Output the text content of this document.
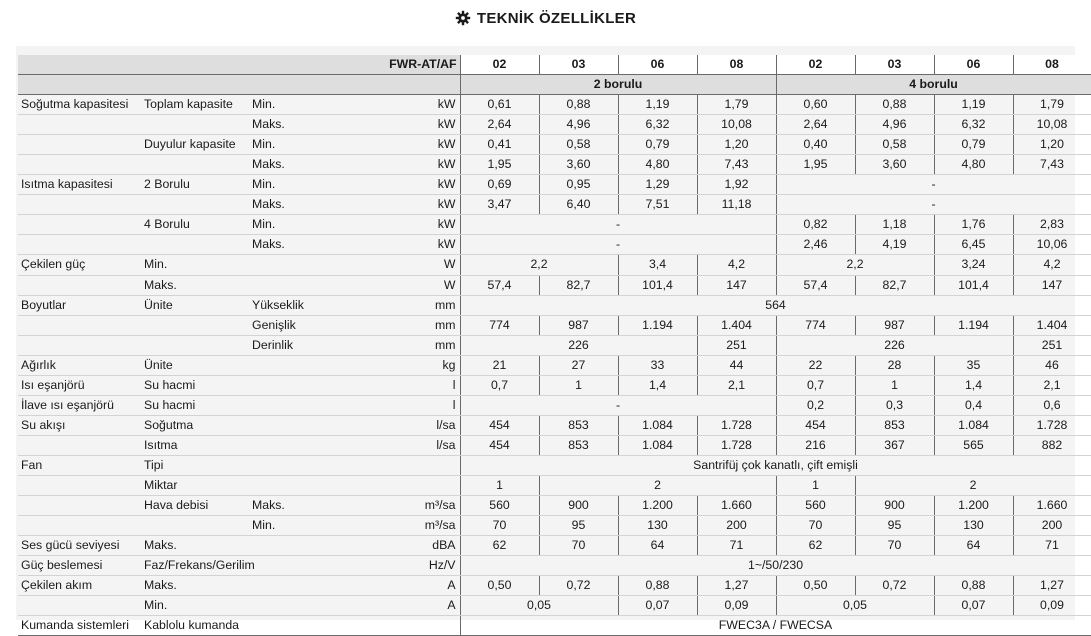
TEKNİK ÖZELLİKLER
FWR-AT/AF				02	03	06	08	02	03	06	08
				2 borulu				4 borulu			
Soğutma kapasitesi	Toplam kapasite	Min.	kW	0,61	0,88	1,19	1,79	0,60	0,88	1,19	1,79
		Maks.	kW	2,64	4,96	6,32	10,08	2,64	4,96	6,32	10,08
	Duyulur kapasite	Min.	kW	0,41	0,58	0,79	1,20	0,40	0,58	0,79	1,20
		Maks.	kW	1,95	3,60	4,80	7,43	1,95	3,60	4,80	7,43
Isıtma kapasitesi	2 Borulu	Min.	kW	0,69	0,95	1,29	1,92	-			
		Maks.	kW	3,47	6,40	7,51	11,18	-			
	4 Borulu	Min.	kW	-				0,82	1,18	1,76	2,83
		Maks.	kW	-				2,46	4,19	6,45	10,06
Çekilen güç	Min.		W	2,2		3,4	4,2	2,2		3,24	4,2
	Maks.		W	57,4	82,7	101,4	147	57,4	82,7	101,4	147
Boyutlar	Ünite	Yükseklik	mm	564							
		Genişlik	mm	774	987	1.194	1.404	774	987	1.194	1.404
		Derinlik	mm	226			251	226			251
Ağırlık	Ünite		kg	21	27	33	44	22	28	35	46
Isı eşanjörü	Su hacmi		l	0,7	1	1,4	2,1	0,7	1	1,4	2,1
İlave ısı eşanjörü	Su hacmi		l	-				0,2	0,3	0,4	0,6
Su akışı	Soğutma		l/sa	454	853	1.084	1.728	454	853	1.084	1.728
	Isıtma		l/sa	454	853	1.084	1.728	216	367	565	882
Fan	Tipi			Santrifüj çok kanatlı, çift emişli							
	Miktar			1	2			1	2		
	Hava debisi	Maks.	m³/sa	560	900	1.200	1.660	560	900	1.200	1.660
		Min.	m³/sa	70	95	130	200	70	95	130	200
Ses gücü seviyesi	Maks.		dBA	62	70	64	71	62	70	64	71
Güç beslemesi	Faz/Frekans/Gerilim		Hz/V	1~/50/230							
Çekilen akım	Maks.		A	0,50	0,72	0,88	1,27	0,50	0,72	0,88	1,27
	Min.		A	0,05		0,07	0,09	0,05		0,07	0,09
Kumanda sistemleri	Kablolu kumanda			FWEC3A / FWECSA							
